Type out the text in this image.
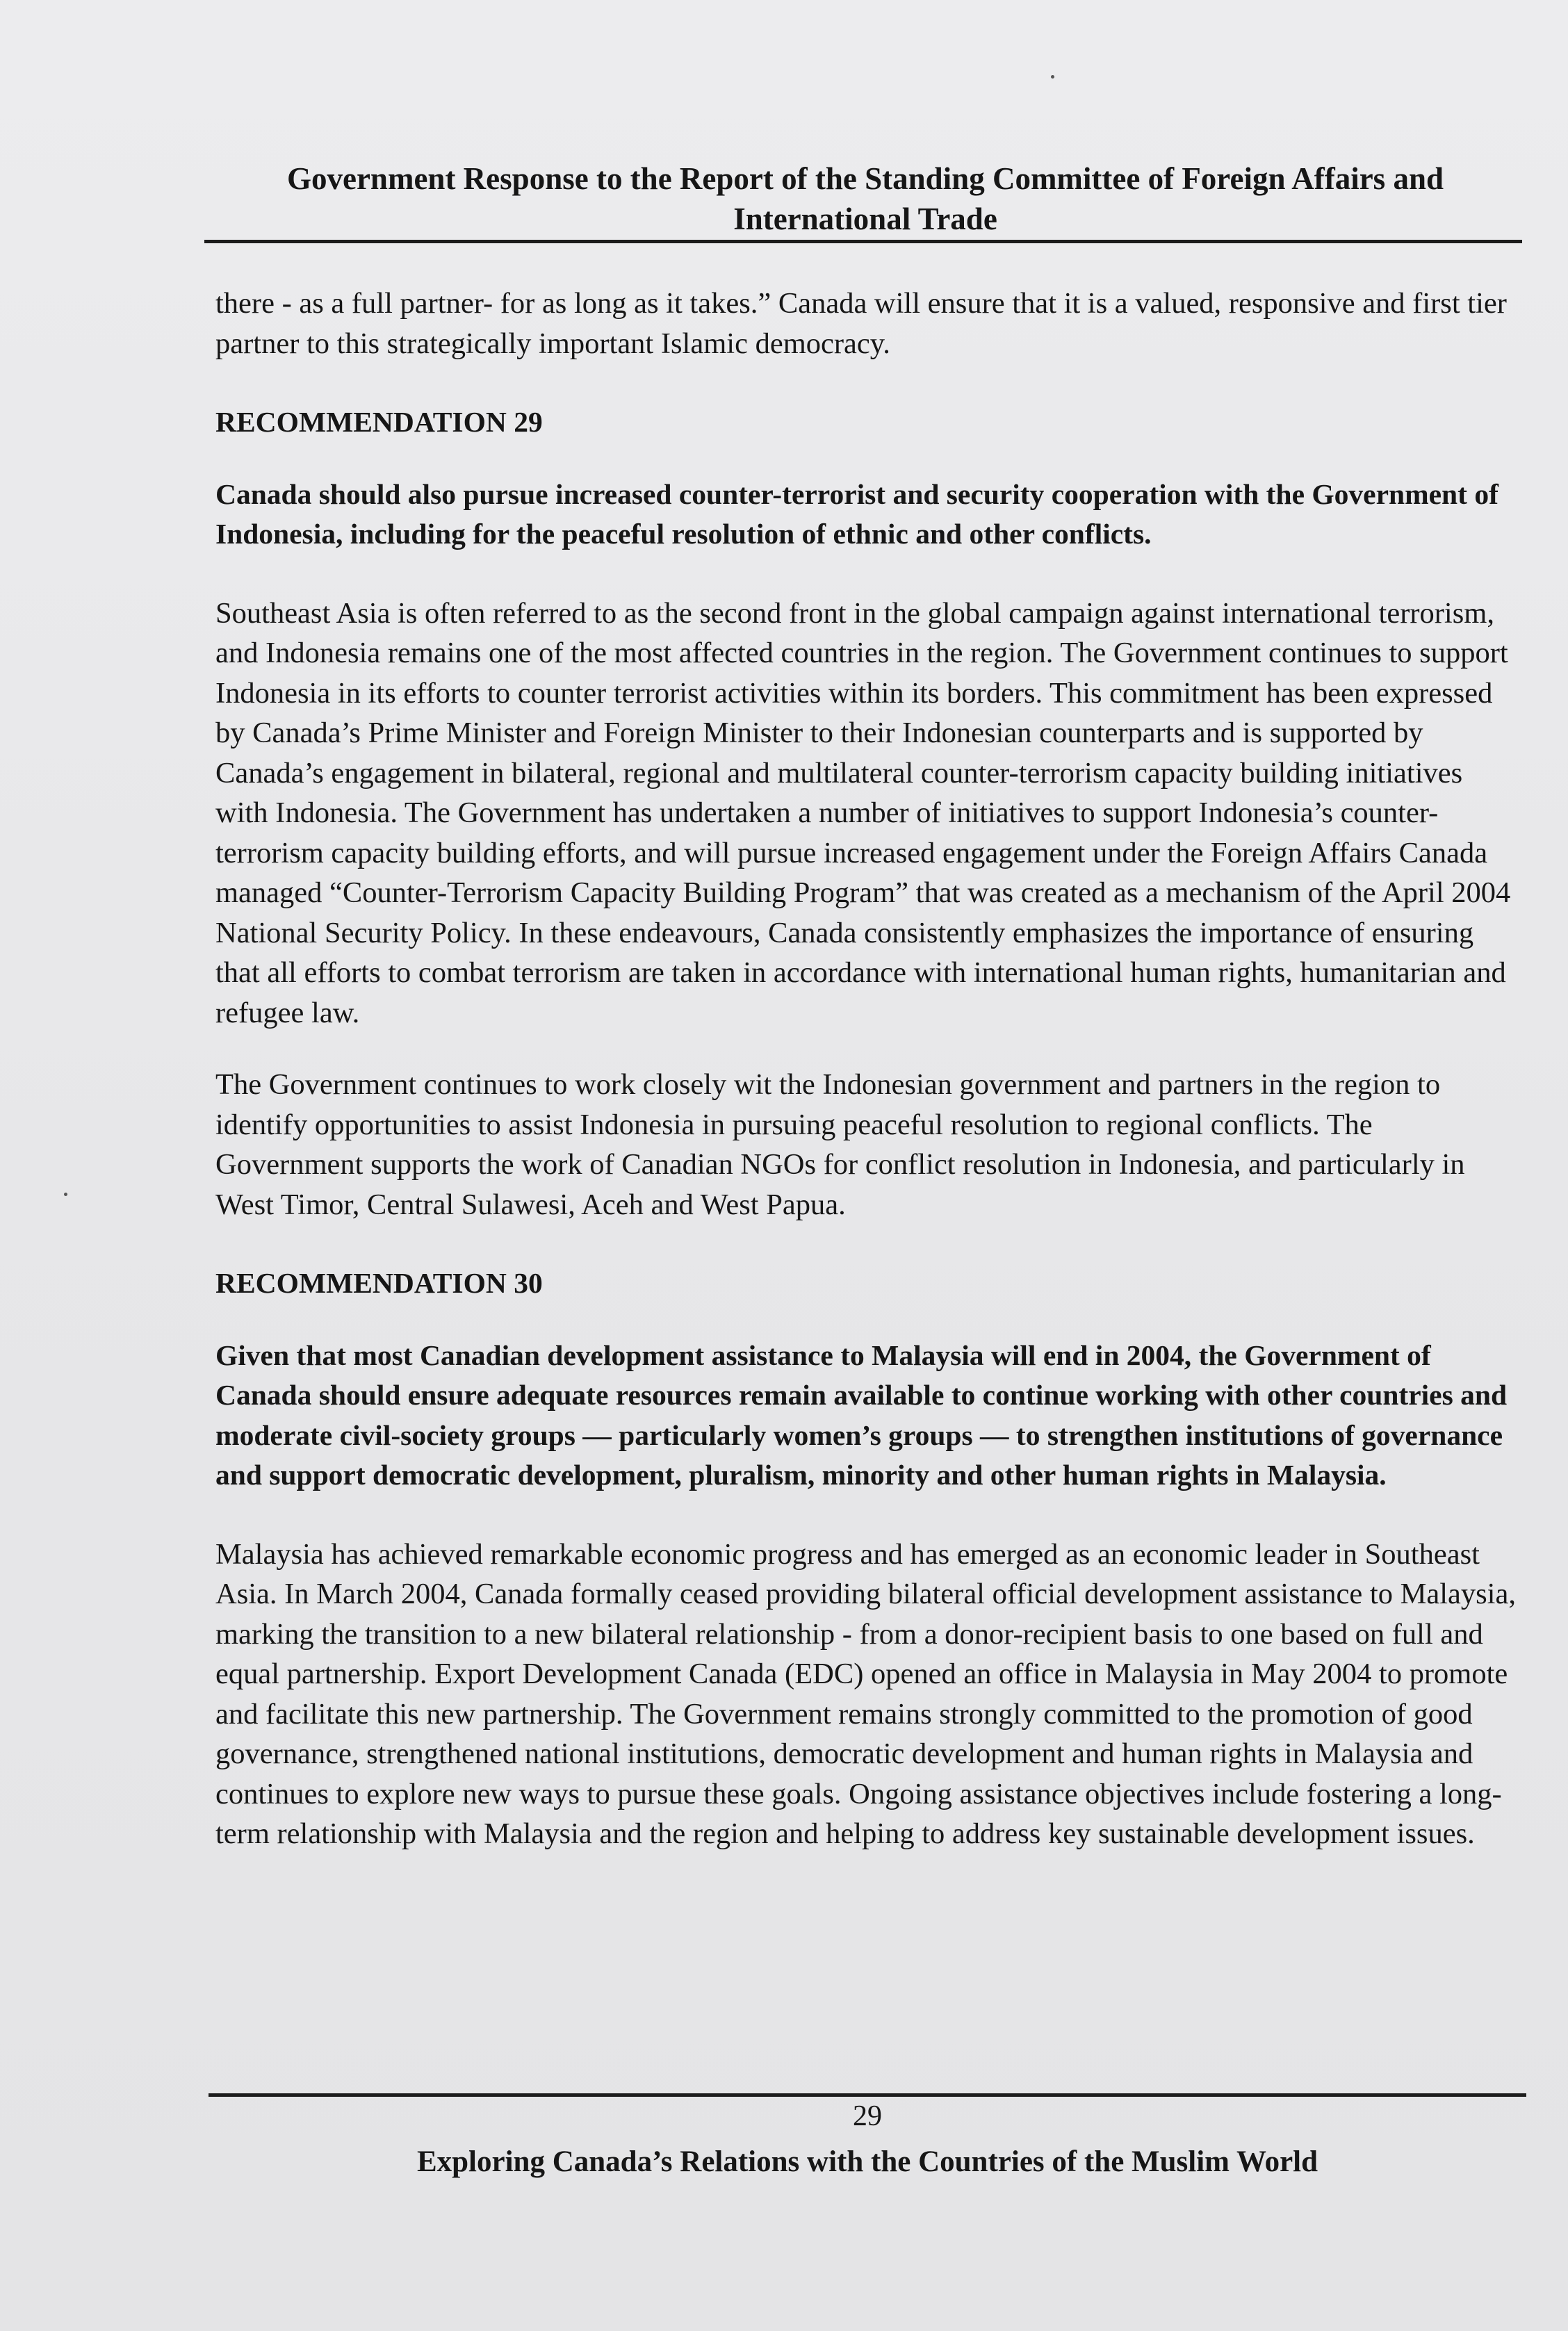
Government Response to the Report of the Standing Committee of Foreign Affairs and
International Trade

there - as a full partner- for as long as it takes.” Canada will ensure that it is a valued, responsive and first tier partner to this strategically important Islamic democracy.

RECOMMENDATION 29

Canada should also pursue increased counter-terrorist and security cooperation with the Government of Indonesia, including for the peaceful resolution of ethnic and other conflicts.

Southeast Asia is often referred to as the second front in the global campaign against international terrorism, and Indonesia remains one of the most affected countries in the region. The Government continues to support Indonesia in its efforts to counter terrorist activities within its borders. This commitment has been expressed by Canada’s Prime Minister and Foreign Minister to their Indonesian counterparts and is supported by Canada’s engagement in bilateral, regional and multilateral counter-terrorism capacity building initiatives with Indonesia. The Government has undertaken a number of initiatives to support Indonesia’s counter-terrorism capacity building efforts, and will pursue increased engagement under the Foreign Affairs Canada managed “Counter-Terrorism Capacity Building Program” that was created as a mechanism of the April 2004 National Security Policy. In these endeavours, Canada consistently emphasizes the importance of ensuring that all efforts to combat terrorism are taken in accordance with international human rights, humanitarian and refugee law.

The Government continues to work closely wit the Indonesian government and partners in the region to identify opportunities to assist Indonesia in pursuing peaceful resolution to regional conflicts. The Government supports the work of Canadian NGOs for conflict resolution in Indonesia, and particularly in West Timor, Central Sulawesi, Aceh and West Papua.

RECOMMENDATION 30

Given that most Canadian development assistance to Malaysia will end in 2004, the Government of Canada should ensure adequate resources remain available to continue working with other countries and moderate civil-society groups — particularly women’s groups — to strengthen institutions of governance and support democratic development, pluralism, minority and other human rights in Malaysia.

Malaysia has achieved remarkable economic progress and has emerged as an economic leader in Southeast Asia. In March 2004, Canada formally ceased providing bilateral official development assistance to Malaysia, marking the transition to a new bilateral relationship - from a donor-recipient basis to one based on full and equal partnership. Export Development Canada (EDC) opened an office in Malaysia in May 2004 to promote and facilitate this new partnership. The Government remains strongly committed to the promotion of good governance, strengthened national institutions, democratic development and human rights in Malaysia and continues to explore new ways to pursue these goals. Ongoing assistance objectives include fostering a long-term relationship with Malaysia and the region and helping to address key sustainable development issues.

29
Exploring Canada’s Relations with the Countries of the Muslim World
